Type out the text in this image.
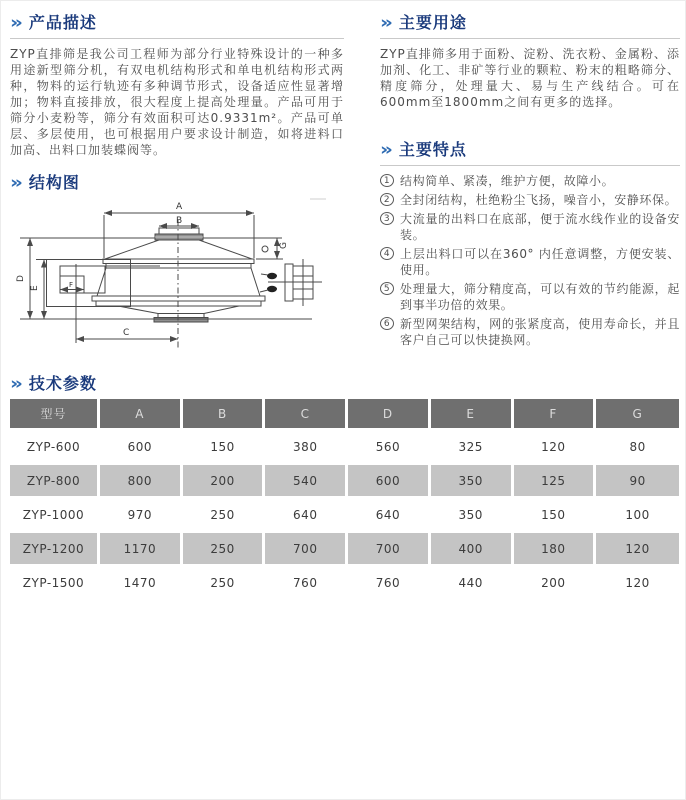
» 产品描述

ZYP直排筛是我公司工程师为部分行业特殊设计的一种多用途新型筛分机，有双电机结构形式和单电机结构形式两种，物料的运行轨迹有多种调节形式，设备适应性显著增加；物料直接排放，很大程度上提高处理量。产品可用于筛分小麦粉等，筛分有效面积可达0.9331m²。产品可单层、多层使用，也可根据用户要求设计制造，如将进料口加高、出料口加装蝶阀等。

» 结构图
A
B
D
E	F
C
G
» 主要用途

ZYP直排筛多用于面粉、淀粉、洗衣粉、金属粉、添加剂、化工、非矿等行业的颗粒、粉末的粗略筛分、精度筛分，处理量大、易与生产线结合。可在600mm至1800mm之间有更多的选择。

» 主要特点
1 结构简单、紧凑，维护方便，故障小。
2 全封闭结构，杜绝粉尘飞扬，噪音小，安静环保。
3 大流量的出料口在底部，便于流水线作业的设备安装。
4 上层出料口可以在360° 内任意调整，方便安装、使用。
5 处理量大，筛分精度高，可以有效的节约能源，起到事半功倍的效果。
6 新型网架结构，网的张紧度高，使用寿命长，并且客户自己可以快捷换网。
» 技术参数
型号	A	B	C	D	E	F	G
ZYP-600	600	150	380	560	325	120	80
ZYP-800	800	200	540	600	350	125	90
ZYP-1000	970	250	640	640	350	150	100
ZYP-1200	1170	250	700	700	400	180	120
ZYP-1500	1470	250	760	760	440	200	120
